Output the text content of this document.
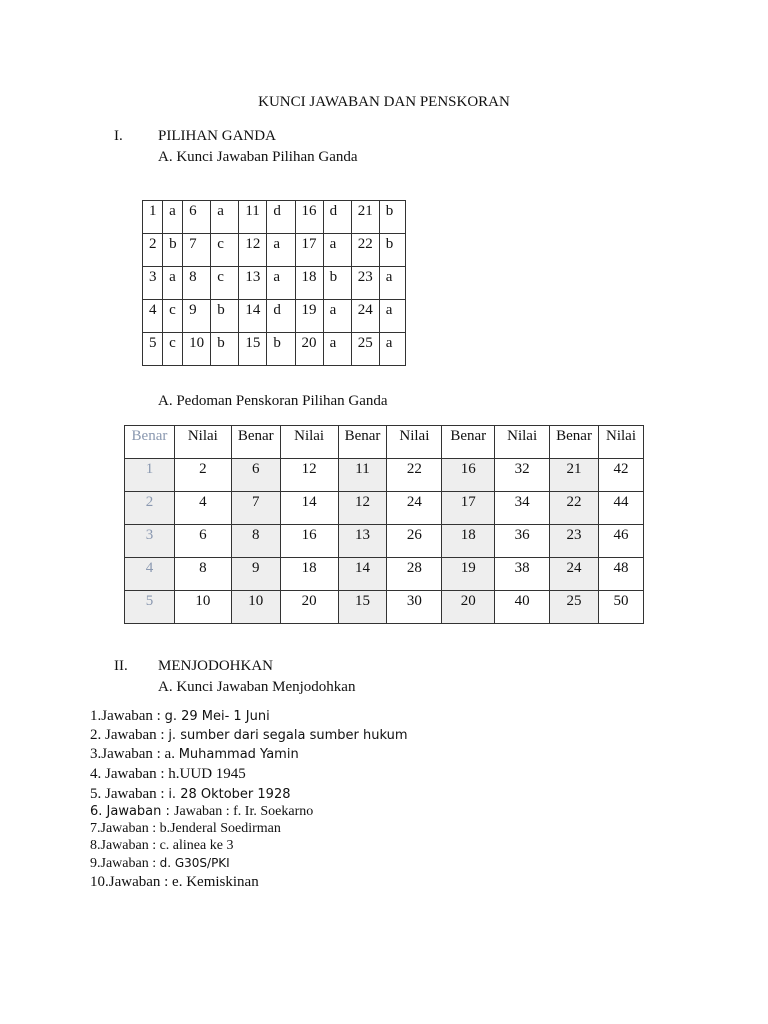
KUNCI JAWABAN DAN PENSKORAN
I. PILIHAN GANDA
A. Kunci Jawaban Pilihan Ganda
1	a	6	a	11	d	16	d	21	b
2	b	7	c	12	a	17	a	22	b
3	a	8	c	13	a	18	b	23	a
4	c	9	b	14	d	19	a	24	a
5	c	10	b	15	b	20	a	25	a
A. Pedoman Penskoran Pilihan Ganda
Benar	Nilai	Benar	Nilai	Benar	Nilai	Benar	Nilai	Benar	Nilai
1	2	6	12	11	22	16	32	21	42
2	4	7	14	12	24	17	34	22	44
3	6	8	16	13	26	18	36	23	46
4	8	9	18	14	28	19	38	24	48
5	10	10	20	15	30	20	40	25	50
II. MENJODOHKAN
A. Kunci Jawaban Menjodohkan
1.Jawaban : g. 29 Mei- 1 Juni
2. Jawaban : j. sumber dari segala sumber hukum
3.Jawaban : a. Muhammad Yamin
4. Jawaban : h.UUD 1945
5. Jawaban : i. 28 Oktober 1928
6. Jawaban : Jawaban : f. Ir. Soekarno
7.Jawaban : b.Jenderal Soedirman
8.Jawaban : c. alinea ke 3
9.Jawaban : d. G30S/PKI
10.Jawaban : e. Kemiskinan
